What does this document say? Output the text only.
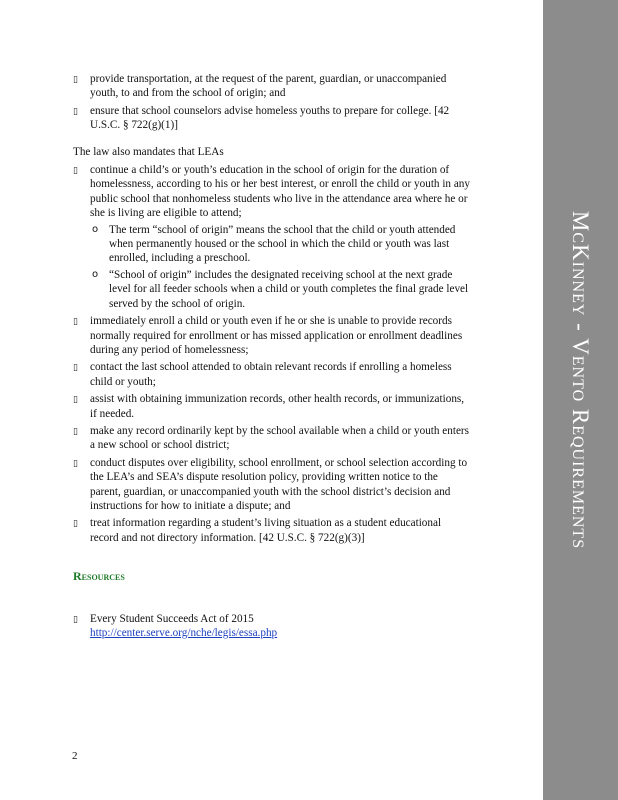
McKinney - Vento Requirements
▯ provide transportation, at the request of the parent, guardian, or unaccompanied youth, to and from the school of origin; and
▯ ensure that school counselors advise homeless youths to prepare for college. [42 U.S.C. § 722(g)(1)]
The law also mandates that LEAs
▯ continue a child’s or youth’s education in the school of origin for the duration of homelessness, according to his or her best interest, or enroll the child or youth in any public school that nonhomeless students who live in the attendance area where he or she is living are eligible to attend;
o The term “school of origin” means the school that the child or youth attended when permanently housed or the school in which the child or youth was last enrolled, including a preschool.
o “School of origin” includes the designated receiving school at the next grade level for all feeder schools when a child or youth completes the final grade level served by the school of origin.
▯ immediately enroll a child or youth even if he or she is unable to provide records normally required for enrollment or has missed application or enrollment deadlines during any period of homelessness;
▯ contact the last school attended to obtain relevant records if enrolling a homeless child or youth;
▯ assist with obtaining immunization records, other health records, or immunizations, if needed.
▯ make any record ordinarily kept by the school available when a child or youth enters a new school or school district;
▯ conduct disputes over eligibility, school enrollment, or school selection according to the LEA’s and SEA’s dispute resolution policy, providing written notice to the parent, guardian, or unaccompanied youth with the school district’s decision and instructions for how to initiate a dispute; and
▯ treat information regarding a student’s living situation as a student educational record and not directory information. [42 U.S.C. § 722(g)(3)]
Resources
▯ Every Student Succeeds Act of 2015
http://center.serve.org/nche/legis/essa.php
2
